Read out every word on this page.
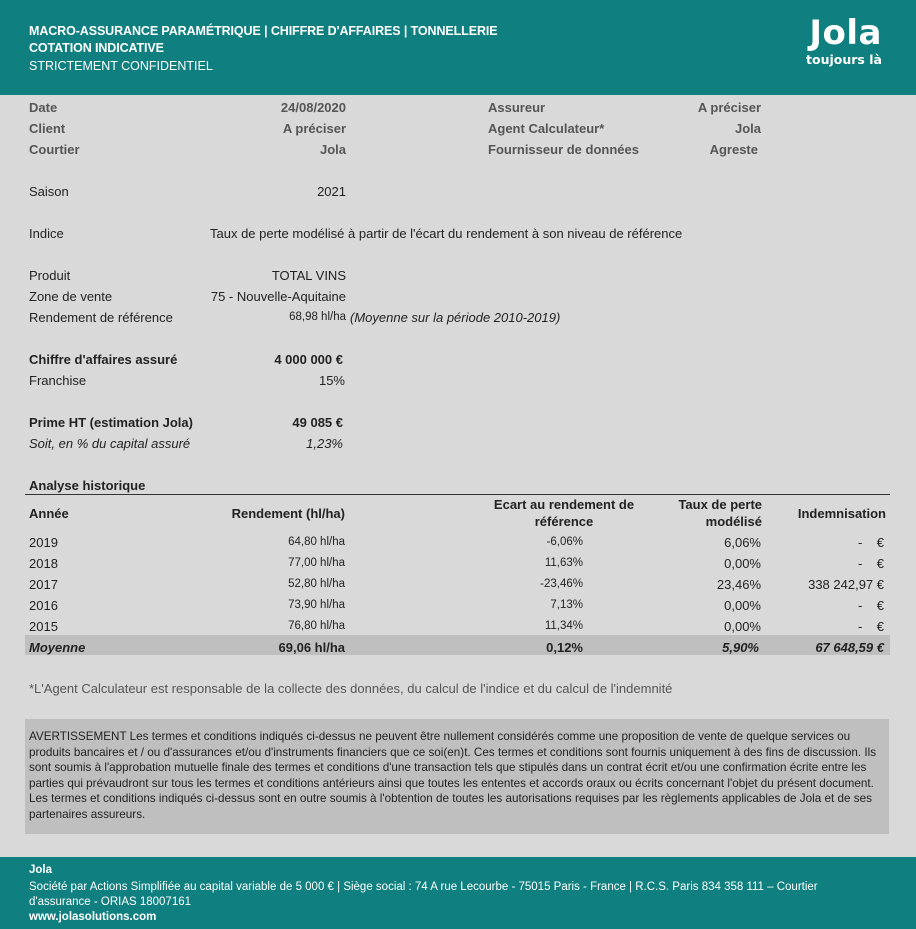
MACRO-ASSURANCE PARAMÉTRIQUE | CHIFFRE D'AFFAIRES | TONNELLERIE
COTATION INDICATIVE
STRICTEMENT CONFIDENTIEL
Jola
toujours là
Date	24/08/2020
Client	A préciser
Courtier	Jola
Assureur	A préciser
Agent Calculateur*	Jola
Fournisseur de données	Agreste
Saison	2021
Indice	Taux de perte modélisé à partir de l'écart du rendement à son niveau de référence
Produit	TOTAL VINS
Zone de vente	75 - Nouvelle-Aquitaine
Rendement de référence	68,98 hl/ha (Moyenne sur la période 2010-2019)
Chiffre d'affaires assuré	4 000 000 €
Franchise	15%
Prime HT (estimation Jola)	49 085 €
Soit, en % du capital assuré	1,23%
Analyse historique
Année	Rendement (hl/ha)
Ecart au rendement de
référence
Taux de perte
modélisé
Indemnisation
2019	64,80 hl/ha	-6,06%	6,06%	-    €
2018	77,00 hl/ha	11,63%	0,00%	-    €
2017	52,80 hl/ha	-23,46%	23,46%	338 242,97 €
2016	73,90 hl/ha	7,13%	0,00%	-    €
2015	76,80 hl/ha	11,34%	0,00%	-    €
Moyenne	69,06 hl/ha	0,12%	5,90%	67 648,59 €
*L'Agent Calculateur est responsable de la collecte des données, du calcul de l'indice et du calcul de l'indemnité

AVERTISSEMENT Les termes et conditions indiqués ci-dessus ne peuvent être nullement considérés comme une proposition de vente de quelque services ou produits bancaires et / ou d'assurances et/ou d'instruments financiers que ce soi(en)t. Ces termes et conditions sont fournis uniquement à des fins de discussion. Ils sont soumis à l'approbation mutuelle finale des termes et conditions d'une transaction tels que stipulés dans un contrat écrit et/ou une confirmation écrite entre les parties qui prévaudront sur tous les termes et conditions antérieurs ainsi que toutes les ententes et accords oraux ou écrits concernant l'objet du présent document. Les termes et conditions indiqués ci-dessus sont en outre soumis à l'obtention de toutes les autorisations requises par les règlements applicables de Jola et de ses partenaires assureurs.

Jola
Société par Actions Simplifiée au capital variable de 5 000 € | Siège social : 74 A rue Lecourbe - 75015 Paris - France | R.C.S. Paris 834 358 111 – Courtier
d'assurance - ORIAS 18007161
www.jolasolutions.com
